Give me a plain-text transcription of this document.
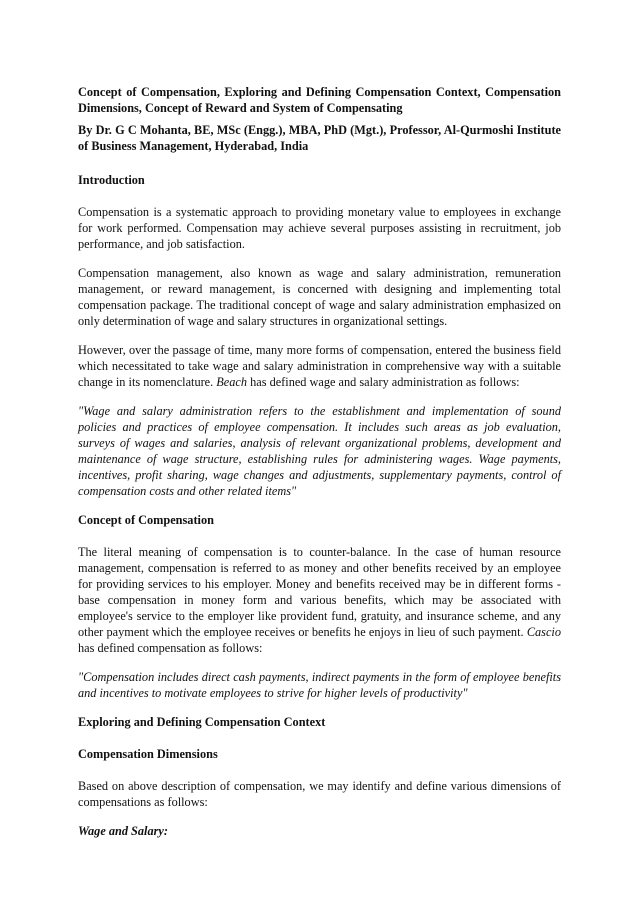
Concept of Compensation, Exploring and Defining Compensation Context, Compensation Dimensions, Concept of Reward and System of Compensating

By Dr. G C Mohanta, BE, MSc (Engg.), MBA, PhD (Mgt.), Professor, Al-Qurmoshi Institute of Business Management, Hyderabad, India

Introduction

Compensation is a systematic approach to providing monetary value to employees in exchange for work performed. Compensation may achieve several purposes assisting in recruitment, job performance, and job satisfaction.

Compensation management, also known as wage and salary administration, remuneration management, or reward management, is concerned with designing and implementing total compensation package. The traditional concept of wage and salary administration emphasized on only determination of wage and salary structures in organizational settings.

However, over the passage of time, many more forms of compensation, entered the business field which necessitated to take wage and salary administration in comprehensive way with a suitable change in its nomenclature. Beach has defined wage and salary administration as follows:

"Wage and salary administration refers to the establishment and implementation of sound policies and practices of employee compensation. It includes such areas as job evaluation, surveys of wages and salaries, analysis of relevant organizational problems, development and maintenance of wage structure, establishing rules for administering wages. Wage payments, incentives, profit sharing, wage changes and adjustments, supplementary payments, control of compensation costs and other related items"

Concept of Compensation

The literal meaning of compensation is to counter-balance. In the case of human resource management, compensation is referred to as money and other benefits received by an employee for providing services to his employer. Money and benefits received may be in different forms - base compensation in money form and various benefits, which may be associated with employee's service to the employer like provident fund, gratuity, and insurance scheme, and any other payment which the employee receives or benefits he enjoys in lieu of such payment. Cascio has defined compensation as follows:

"Compensation includes direct cash payments, indirect payments in the form of employee benefits and incentives to motivate employees to strive for higher levels of productivity"

Exploring and Defining Compensation Context

Compensation Dimensions

Based on above description of compensation, we may identify and define various dimensions of compensations as follows:

Wage and Salary:
